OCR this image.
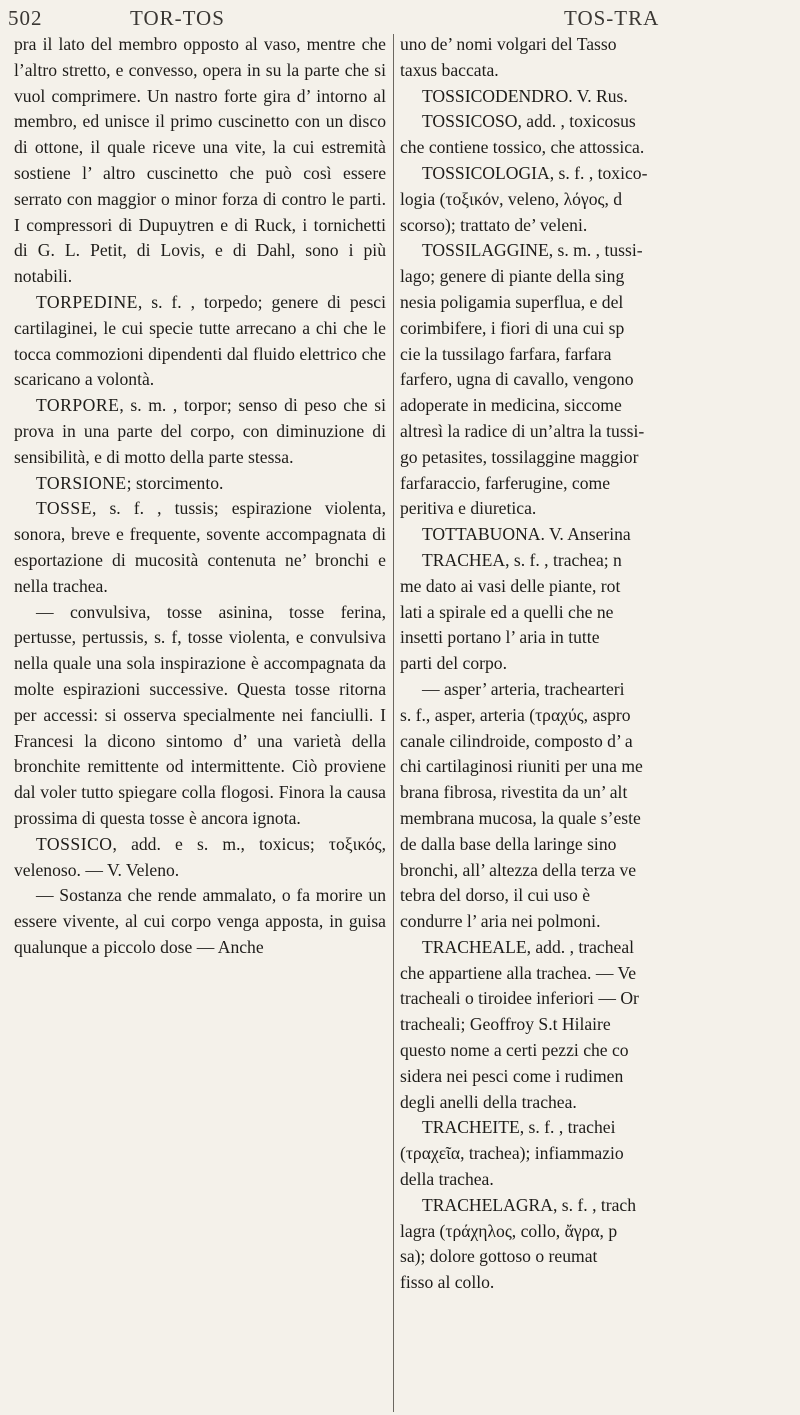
502	TOR-TOS	TOS-TRA

pra il lato del membro opposto al vaso, mentre che l’altro stretto, e convesso, opera in su la parte che si vuol comprimere. Un nastro forte gira d’ intorno al membro, ed unisce il primo cuscinetto con un disco di ottone, il quale riceve una vite, la cui estremità sostiene l’ altro cuscinetto che può così essere serrato con maggior o minor forza di contro le parti. I compressori di Dupuytren e di Ruck, i tornichetti di G. L. Petit, di Lovis, e di Dahl, sono i più notabili.

TORPEDINE, s. f. , torpedo; genere di pesci cartilaginei, le cui specie tutte arrecano a chi che le tocca commozioni dipendenti dal fluido elettrico che scaricano a volontà.

TORPORE, s. m. , torpor; senso di peso che si prova in una parte del corpo, con diminuzione di sensibilità, e di motto della parte stessa.

TORSIONE; storcimento.

TOSSE, s. f. , tussis; espirazione violenta, sonora, breve e frequente, sovente accompagnata di esportazione di mucosità contenuta ne’ bronchi e nella trachea.

— convulsiva, tosse asinina, tosse ferina, pertusse, pertussis, s. f, tosse violenta, e convulsiva nella quale una sola inspirazione è accompagnata da molte espirazioni successive. Questa tosse ritorna per accessi: si osserva specialmente nei fanciulli. I Francesi la dicono sintomo d’ una varietà della bronchite remittente od intermittente. Ciò proviene dal voler tutto spiegare colla flogosi. Finora la causa prossima di questa tosse è ancora ignota.

TOSSICO, add. e s. m., toxicus; τοξικός, velenoso. — V. Veleno.

— Sostanza che rende ammalato, o fa morire un essere vivente, al cui corpo venga apposta, in guisa qualunque a piccolo dose — Anche

uno de’ nomi volgari del Tasso

taxus baccata.

TOSSICODENDRO. V. Rus.

TOSSICOSO, add. , toxicosus

che contiene tossico, che attossica.

TOSSICOLOGIA, s. f. , toxico-

logia (τοξικόν, veleno, λόγος, d

scorso); trattato de’ veleni.

TOSSILAGGINE, s. m. , tussi-

lago; genere di piante della sing

nesia poligamia superflua, e del

corimbifere, i fiori di una cui sp

cie la tussilago farfara, farfara

farfero, ugna di cavallo, vengono

adoperate in medicina, siccome

altresì la radice di un’altra la tussi-

go petasites, tossilaggine maggior

farfaraccio, farferugine, come

peritiva e diuretica.

TOTTABUONA. V. Anserina

TRACHEA, s. f. , trachea; n

me dato ai vasi delle piante, rot

lati a spirale ed a quelli che ne

insetti portano l’ aria in tutte

parti del corpo.

— asper’ arteria, trachearteri

s. f., asper, arteria (τραχύς, aspro

canale cilindroide, composto d’ a

chi cartilaginosi riuniti per una me

brana fibrosa, rivestita da un’ alt

membrana mucosa, la quale s’este

de dalla base della laringe sino

bronchi, all’ altezza della terza ve

tebra del dorso, il cui uso è

condurre l’ aria nei polmoni.

TRACHEALE, add. , tracheal

che appartiene alla trachea. — Ve

tracheali o tiroidee inferiori — Or

tracheali; Geoffroy S.t Hilaire

questo nome a certi pezzi che co

sidera nei pesci come i rudimen

degli anelli della trachea.

TRACHEITE, s. f. , trachei

(τραχεῖα, trachea); infiammazio

della trachea.

TRACHELAGRA, s. f. , trach

lagra (τράχηλος, collo, ἄγρα, p

sa); dolore gottoso o reumat

fisso al collo.
